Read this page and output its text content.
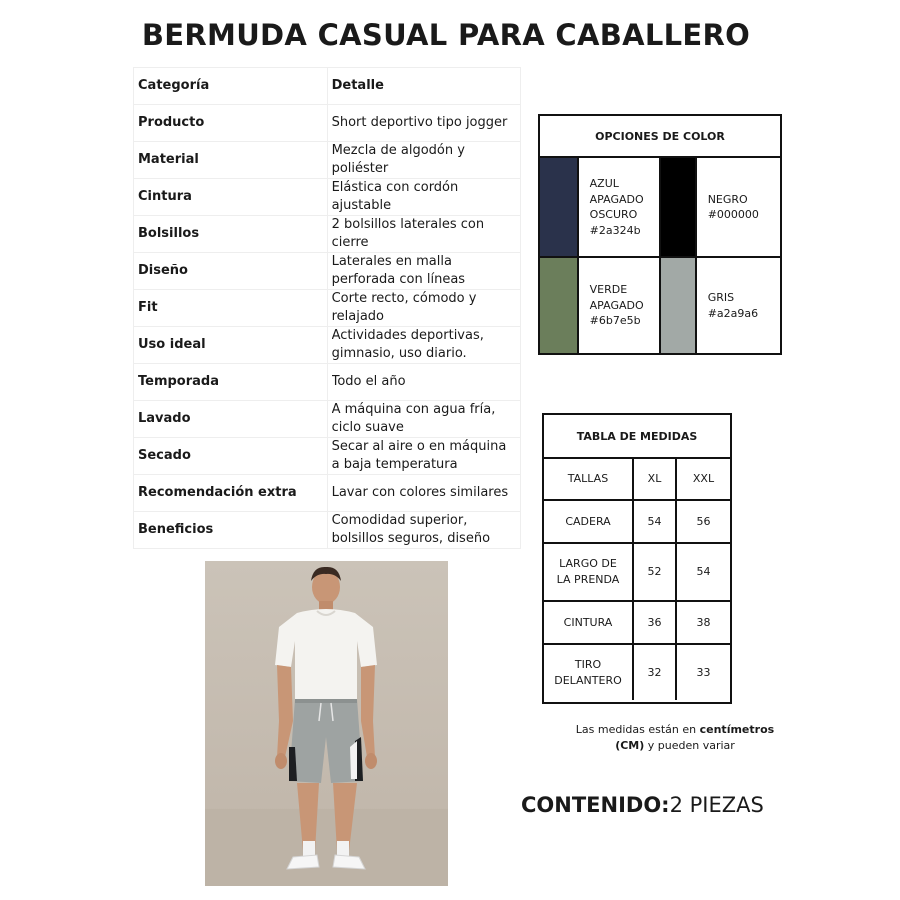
BERMUDA CASUAL PARA CABALLERO
Categoría	Detalle
Producto	Short deportivo tipo jogger

Material	Mezcla de algodón y poliéster

Cintura	Elástica con cordón ajustable

Bolsillos	2 bolsillos laterales con cierre

Diseño	Laterales en malla perforada con líneas

Fit	Corte recto, cómodo y relajado

Uso ideal	Actividades deportivas, gimnasio, uso diario.

Temporada	Todo el año

Lavado	A máquina con agua fría, ciclo suave

Secado	Secar al aire o en máquina a baja temperatura

Recomendación extra	Lavar con colores similares

Beneficios	Comodidad superior, bolsillos seguros, diseño
OPCIONES DE COLOR
AZUL
APAGADO
OSCURO
#2a324b
NEGRO
#000000
VERDE
APAGADO
#6b7e5b
GRIS
#a2a9a6
TABLA DE MEDIDAS
TALLAS	XL	XXL
CADERA	54	56
LARGO DE
LA PRENDA
52	54
CINTURA	36	38
TIRO
DELANTERO
32	33
Las medidas están en centímetros
(CM) y pueden variar
CONTENIDO:2 PIEZAS
